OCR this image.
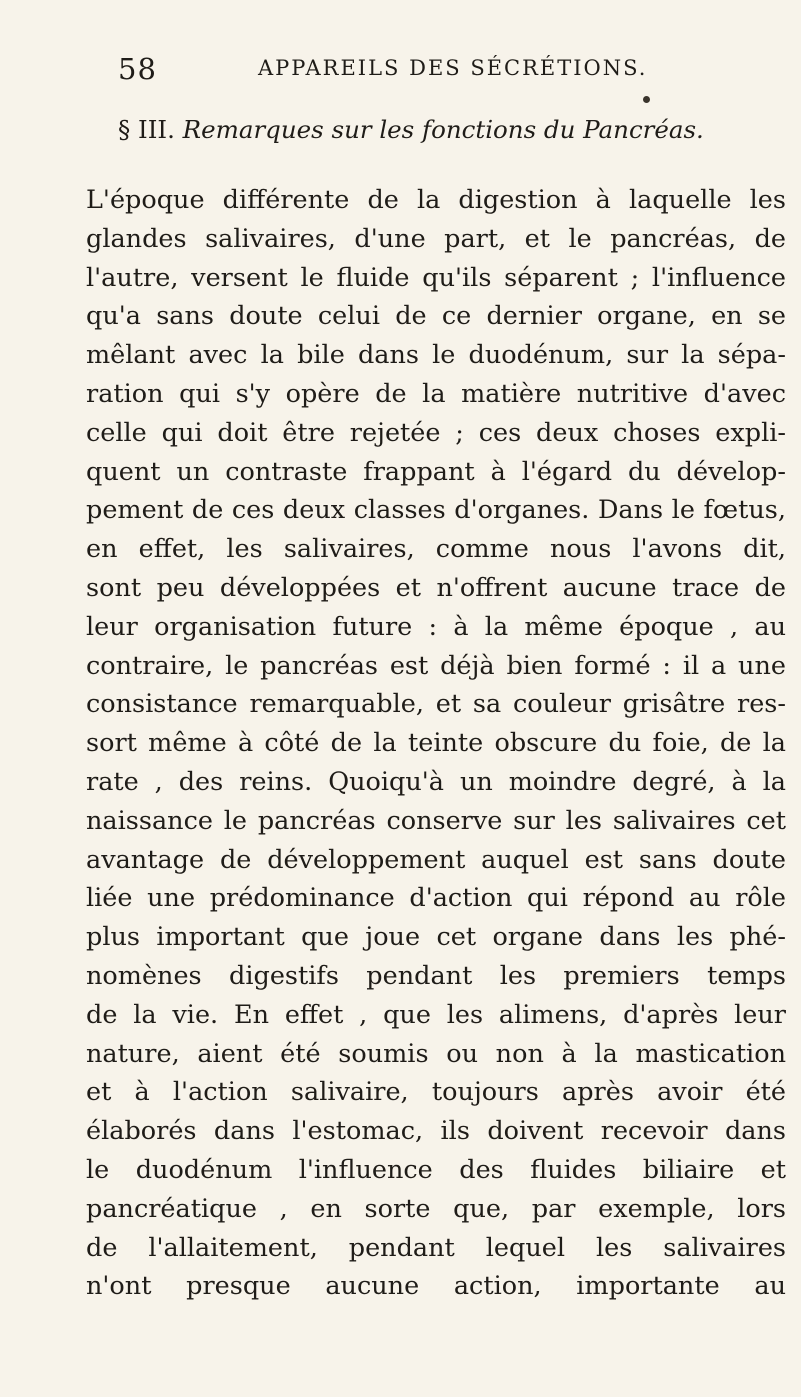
58	APPAREILS DES SÉCRÉTIONS.
§ III. Remarques sur les fonctions du Pancréas.
L'époque différente de la digestion à laquelle les
glandes salivaires, d'une part, et le pancréas, de
l'autre, versent le fluide qu'ils séparent ; l'influence
qu'a sans doute celui de ce dernier organe, en se
mêlant avec la bile dans le duodénum, sur la sépa-
ration qui s'y opère de la matière nutritive d'avec
celle qui doit être rejetée ; ces deux choses expli-
quent un contraste frappant à l'égard du dévelop-
pement de ces deux classes d'organes. Dans le fœtus,
en effet, les salivaires, comme nous l'avons dit,
sont peu développées et n'offrent aucune trace de
leur organisation future : à la même époque , au
contraire, le pancréas est déjà bien formé : il a une
consistance remarquable, et sa couleur grisâtre res-
sort même à côté de la teinte obscure du foie, de la
rate , des reins. Quoiqu'à un moindre degré, à la
naissance le pancréas conserve sur les salivaires cet
avantage de développement auquel est sans doute
liée une prédominance d'action qui répond au rôle
plus important que joue cet organe dans les phé-
nomènes digestifs pendant les premiers temps
de la vie. En effet , que les alimens, d'après leur
nature, aient été soumis ou non à la mastication
et à l'action salivaire, toujours après avoir été
élaborés dans l'estomac, ils doivent recevoir dans
le duodénum l'influence des fluides biliaire et
pancréatique , en sorte que, par exemple, lors
de l'allaitement, pendant lequel les salivaires
n'ont presque aucune action, importante au
